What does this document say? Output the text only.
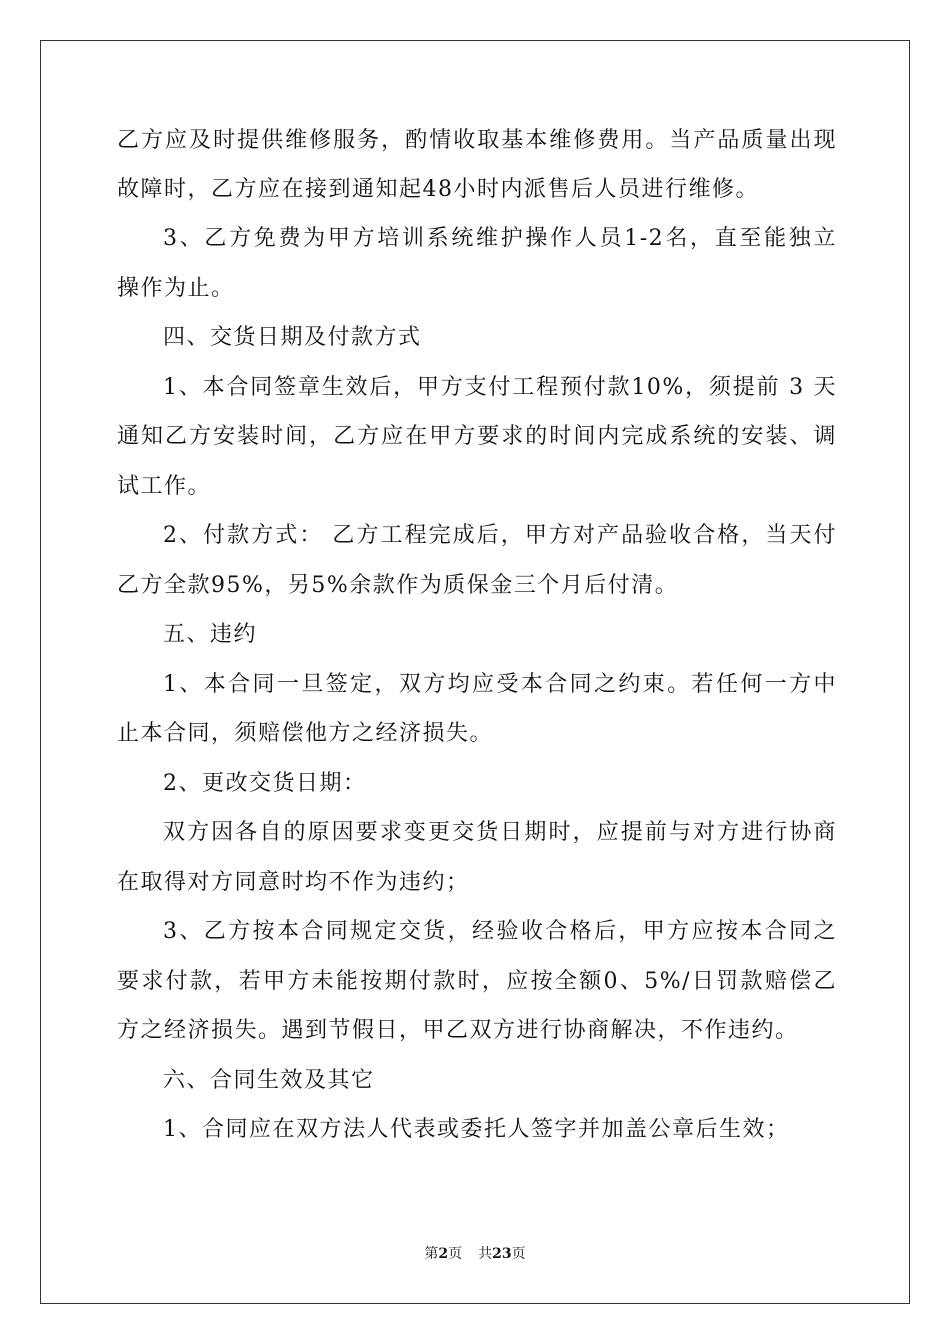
乙方应及时提供维修服务，酌情收取基本维修费用。当产品质量出现
故障时，乙方应在接到通知起48小时内派售后人员进行维修。
3、乙方免费为甲方培训系统维护操作人员1-2名，直至能独立
操作为止。
四、交货日期及付款方式
1、本合同签章生效后，甲方支付工程预付款10%，须提前 3 天
通知乙方安装时间，乙方应在甲方要求的时间内完成系统的安装、调
试工作。
2、付款方式： 乙方工程完成后，甲方对产品验收合格，当天付
乙方全款95%，另5%余款作为质保金三个月后付清。
五、违约
1、本合同一旦签定，双方均应受本合同之约束。若任何一方中
止本合同，须赔偿他方之经济损失。
2、更改交货日期：
双方因各自的原因要求变更交货日期时，应提前与对方进行协商
在取得对方同意时均不作为违约；
3、乙方按本合同规定交货，经验收合格后，甲方应按本合同之
要求付款，若甲方未能按期付款时，应按全额0、5%/日罚款赔偿乙
方之经济损失。遇到节假日，甲乙双方进行协商解决，不作违约。
六、合同生效及其它
1、合同应在双方法人代表或委托人签字并加盖公章后生效；
第2页 共23页
